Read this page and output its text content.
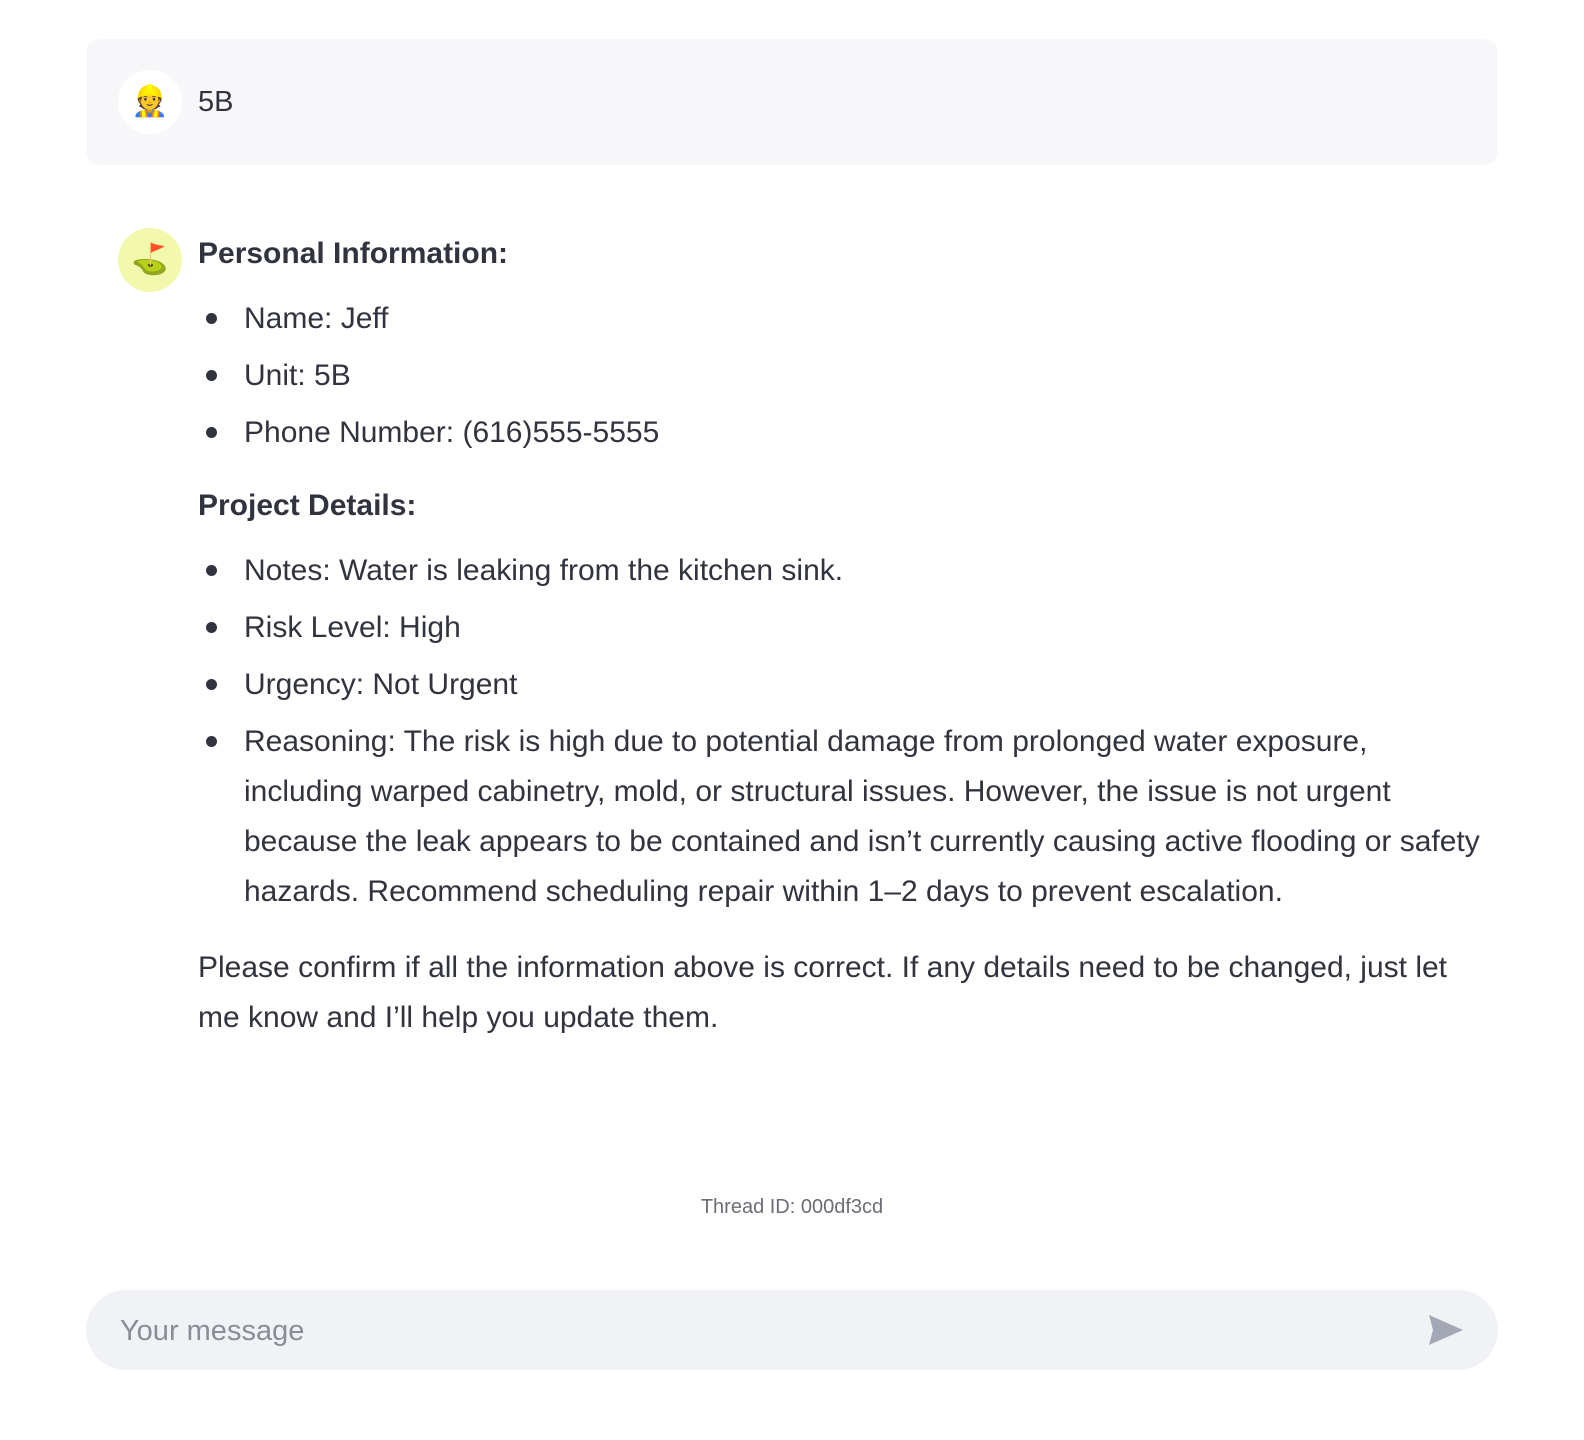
👷 5B
⛳ Personal Information:

Name: Jeff
Unit: 5B
Phone Number: (616)555-5555

Project Details:

Notes: Water is leaking from the kitchen sink.
Risk Level: High
Urgency: Not Urgent
Reasoning: The risk is high due to potential damage from prolonged water exposure, including warped cabinetry, mold, or structural issues. However, the issue is not urgent because the leak appears to be contained and isn’t currently causing active flooding or safety hazards. Recommend scheduling repair within 1–2 days to prevent escalation.

Please confirm if all the information above is correct. If any details need to be changed, just let me know and I’ll help you update them.

Thread ID: 000df3cd
Your message
